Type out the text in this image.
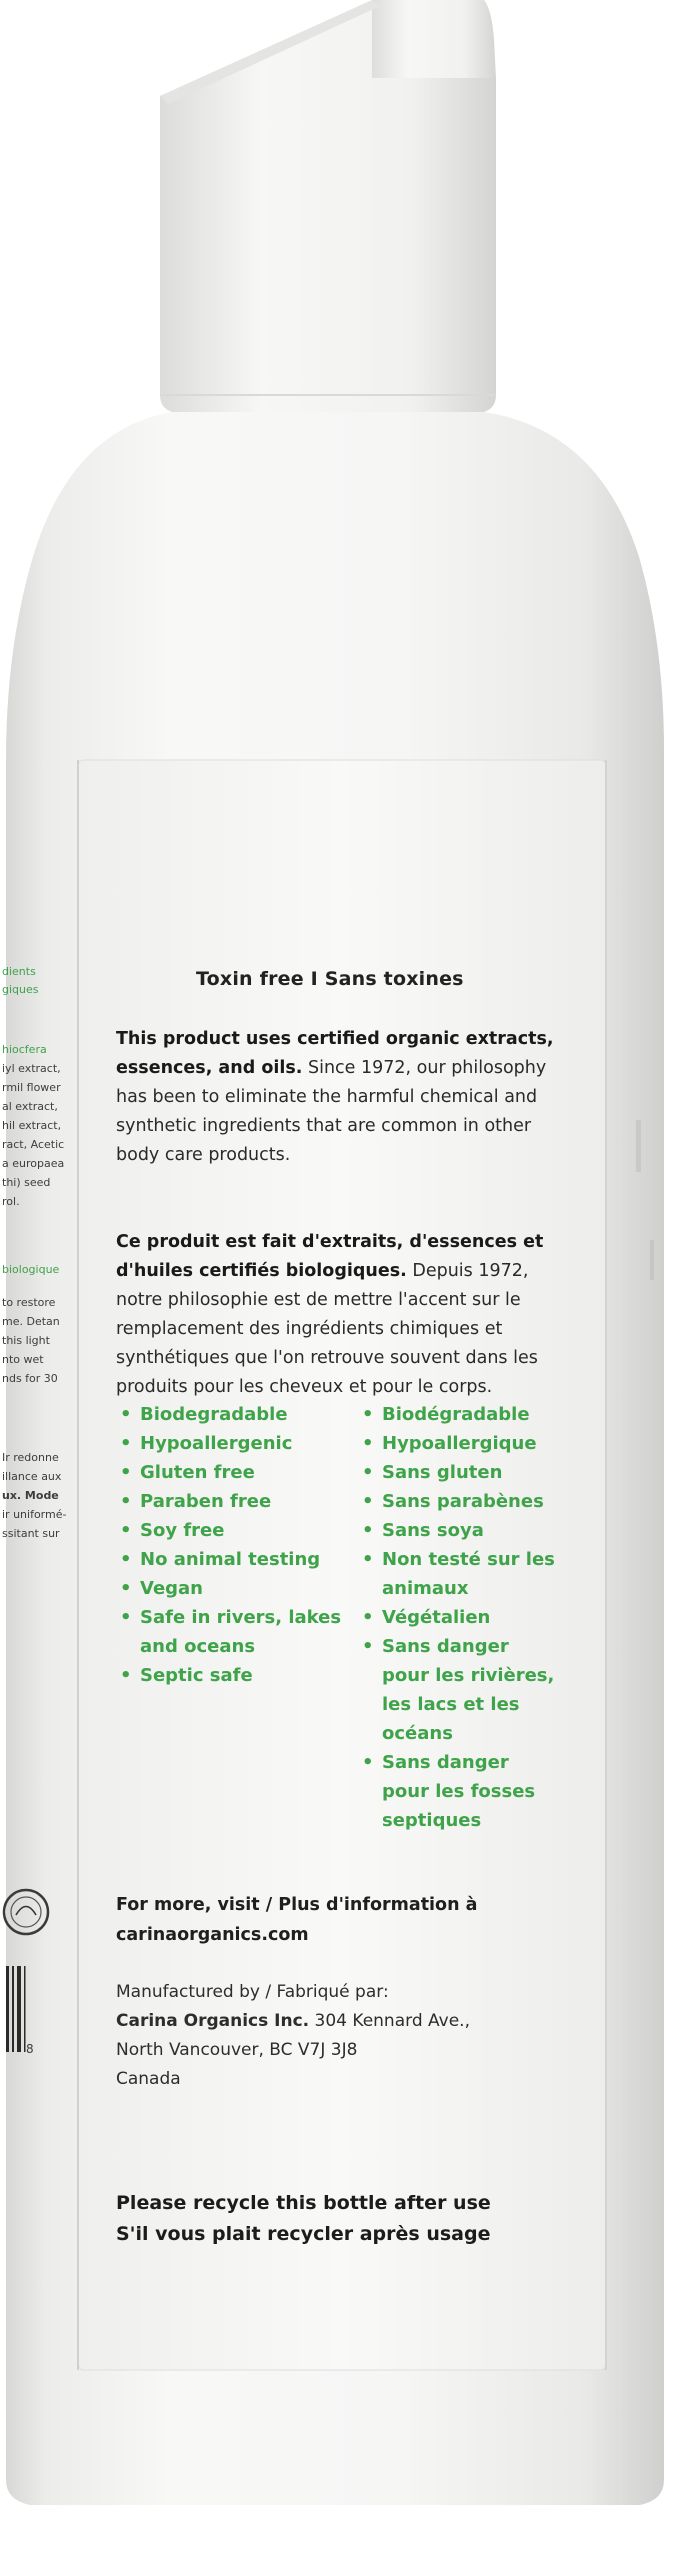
dients
giques
hiocfera
iyl extract,
rmil flower
al extract,
hil extract,
ract, Acetic
a europaea
thi) seed
rol.
biologique
to restore
me. Detan
this light
nto wet
nds for 30
Ir redonne
illance aux
ux. Mode
ir uniformé-
ssitant sur
8
Toxin free I Sans toxines
This product uses certified organic extracts, essences, and oils. Since 1972, our philosophy has been to eliminate the harmful chemical and synthetic ingredients that are common in other body care products.
Ce produit est fait d'extraits, d'essences et d'huiles certifiés biologiques. Depuis 1972, notre philosophie est de mettre l'accent sur le remplacement des ingrédients chimiques et synthétiques que l'on retrouve souvent dans les produits pour les cheveux et pour le corps.
• Biodegradable
• Hypoallergenic
• Gluten free
• Paraben free
• Soy free
• No animal testing
• Vegan
• Safe in rivers, lakes and oceans
• Septic safe
• Biodégradable
• Hypoallergique
• Sans gluten
• Sans parabènes
• Sans soya
• Non testé sur les animaux
• Végétalien
• Sans danger pour les rivières, les lacs et les océans
• Sans danger pour les fosses septiques
For more, visit / Plus d'information à
carinaorganics.com
Manufactured by / Fabriqué par:
Carina Organics Inc. 304 Kennard Ave.,
North Vancouver, BC V7J 3J8
Canada
Please recycle this bottle after use
S'il vous plait recycler après usage
